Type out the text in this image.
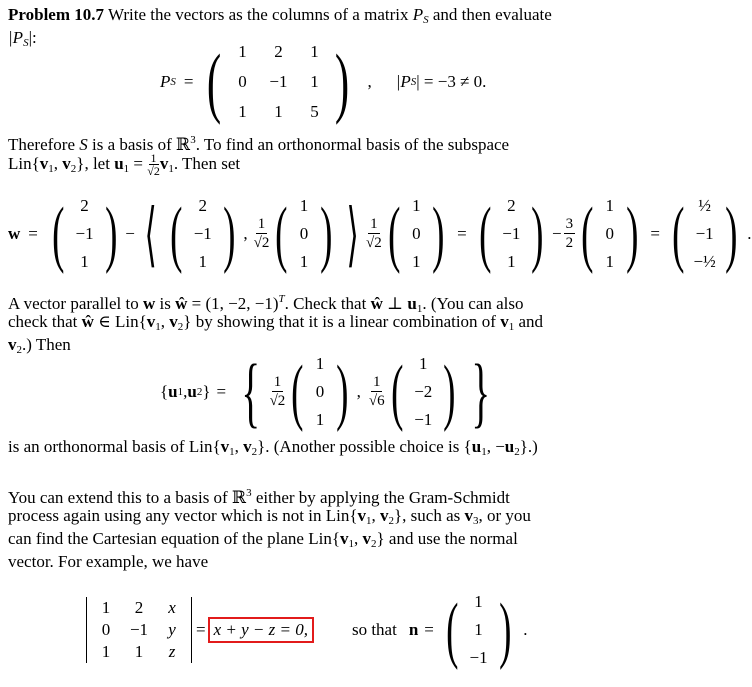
Problem 10.7 Write the vectors as the columns of a matrix $P_S$ and then evaluate
$|P_S|$:
P S = ( 1 2 1
0 −1 1
1 1 5 ) , |P S | = −3 ≠ 0.
Therefore S is a basis of ℝ$^3$. To find an orthonormal basis of the subspace
$Lin\{v_1$, $v_2$}, let $u_1 = \frac{1}{√2} v_1$. Then set
w = ( 2
−1
1 ) − ⟨ ( 2
−1
1 ) , $\frac{1}{√2}$ ( 1
0
1 ) ⟩ $\frac{1}{√2}$ ( 1
0
1 ) = ( 2
−1
1 ) − $\frac{3}{2}$ ( 1
0
1 ) = ( ½
−1
−½ ) .
A vector parallel to w is ŵ = (1, −2, −1)$^T$. Check that ŵ ⊥ $u_1$. (You can also
check that ŵ ∈ $Lin\{v_1$, $v_2$} by showing that it is a linear combination of $v_1$ and
$v_2$.) Then
{ u 1 , u 2 } = { $\frac{1}{√2}$ ( 1
0
1 ) , $\frac{1}{√6}$ ( 1
−2
−1 ) }
is an orthonormal basis of $Lin\{v_1$, $v_2$}. (Another possible choice is {$u_1$, $-u_2$}.)
You can extend this to a basis of ℝ$^3$ either by applying the Gram-Schmidt
process again using any vector which is not in $Lin\{v_1$, $v_2$}, such as $v_3$, or you
can find the Cartesian equation of the plane $Lin\{v_1$, $v_2$} and use the normal
vector. For example, we have
1 2 x
0 −1 y
1 1 z
= x + y − z = 0,	so that n = ( 1
1
−1 ) .
